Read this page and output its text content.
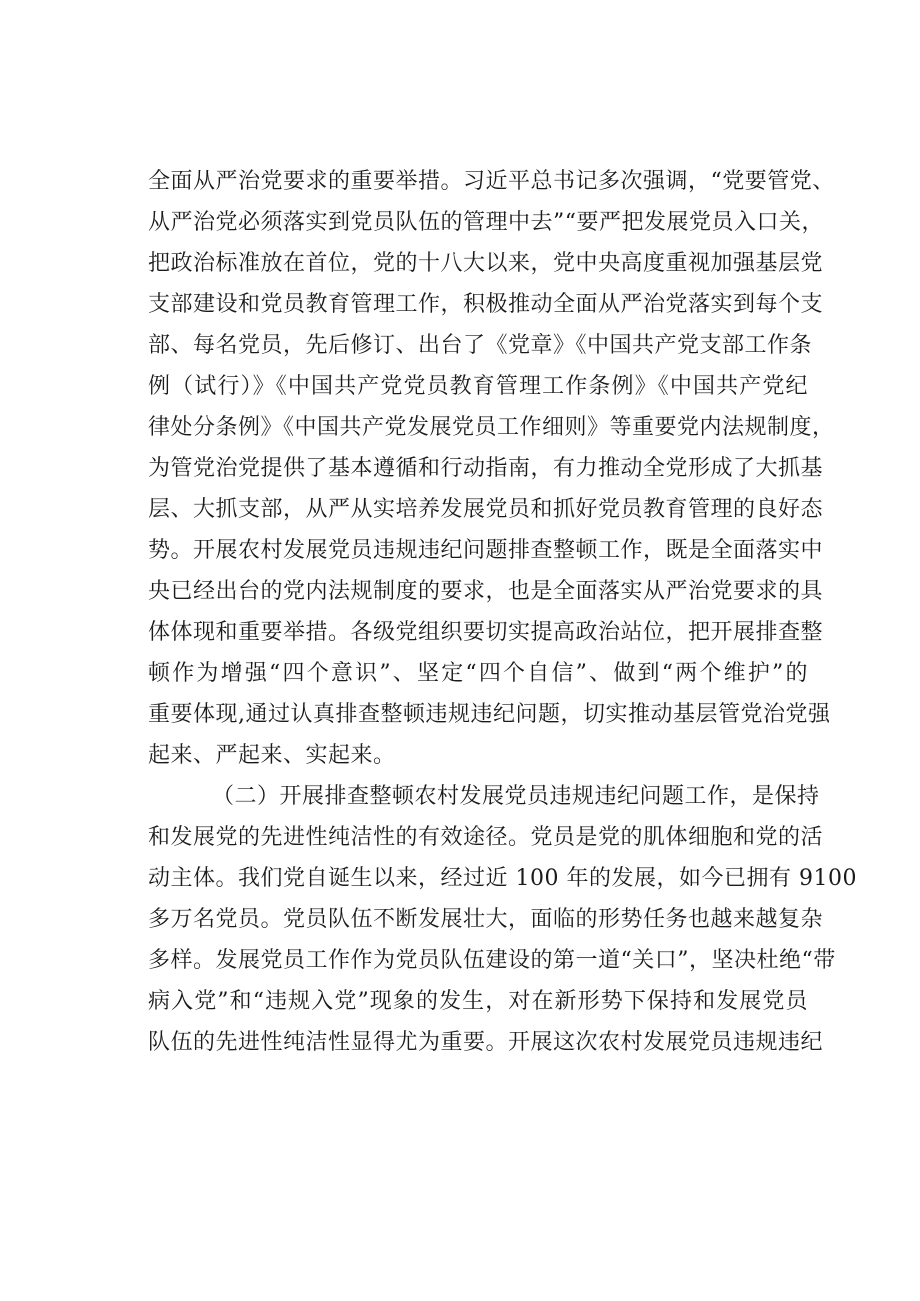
全面从严治党要求的重要举措。习近平总书记多次强调，“党要管党、
从严治党必须落实到党员队伍的管理中去”“要严把发展党员入口关，
把政治标准放在首位，党的十八大以来，党中央高度重视加强基层党
支部建设和党员教育管理工作，积极推动全面从严治党落实到每个支
部、每名党员，先后修订、出台了《党章》《中国共产党支部工作条
例（试行）》《中国共产党党员教育管理工作条例》《中国共产党纪
律处分条例》《中国共产党发展党员工作细则》等重要党内法规制度，
为管党治党提供了基本遵循和行动指南，有力推动全党形成了大抓基
层、大抓支部，从严从实培养发展党员和抓好党员教育管理的良好态
势。开展农村发展党员违规违纪问题排查整顿工作，既是全面落实中
央已经出台的党内法规制度的要求，也是全面落实从严治党要求的具
体体现和重要举措。各级党组织要切实提高政治站位，把开展排查整
顿作为增强“四个意识”、坚定“四个自信”、做到“两个维护”的
重要体现,通过认真排查整顿违规违纪问题，切实推动基层管党治党强
起来、严起来、实起来。
（二）开展排查整顿农村发展党员违规违纪问题工作，是保持
和发展党的先进性纯洁性的有效途径。党员是党的肌体细胞和党的活
动主体。我们党自诞生以来，经过近 100 年的发展，如今已拥有 9100
多万名党员。党员队伍不断发展壮大，面临的形势任务也越来越复杂
多样。发展党员工作作为党员队伍建设的第一道“关口”，坚决杜绝“带
病入党”和“违规入党”现象的发生，对在新形势下保持和发展党员
队伍的先进性纯洁性显得尤为重要。开展这次农村发展党员违规违纪
